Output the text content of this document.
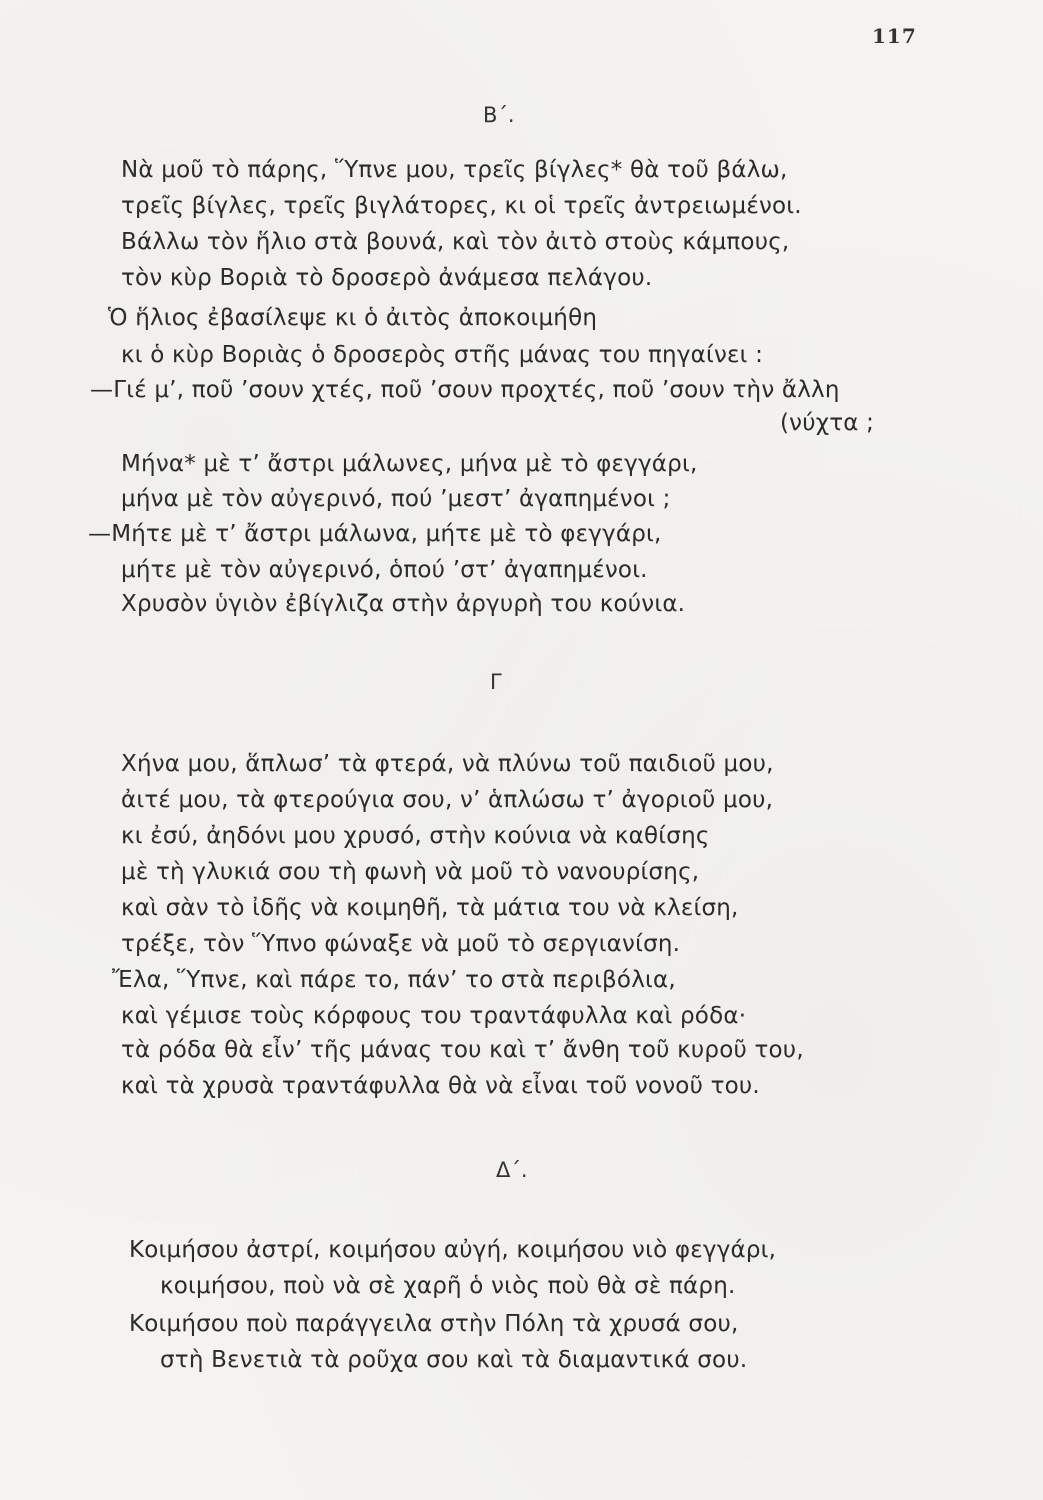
117
Β΄.
Νὰ μοῦ τὸ πάρης, Ὕπνε μου, τρεῖς βίγλες* θὰ τοῦ βάλω,
τρεῖς βίγλες, τρεῖς βιγλάτορες, κι οἱ τρεῖς ἀντρειωμένοι.
Βάλλω τὸν ἥλιο στὰ βουνά, καὶ τὸν ἀιτὸ στοὺς κάμπους,
τὸν κὺρ Βοριὰ τὸ δροσερὸ ἀνάμεσα πελάγου.
Ὁ ἥλιος ἐβασίλεψε κι ὁ ἀιτὸς ἀποκοιμήθη
κι ὁ κὺρ Βοριὰς ὁ δροσερὸς στῆς μάνας του πηγαίνει :
—Γιέ μ’, ποῦ ’σουν χτές, ποῦ ’σουν προχτές, ποῦ ’σουν τὴν ἄλλη
(νύχτα ;
Μήνα* μὲ τ’ ἄστρι μάλωνες, μήνα μὲ τὸ φεγγάρι,
μήνα μὲ τὸν αὐγερινό, πού ’μεστ’ ἀγαπημένοι ;
—Μήτε μὲ τ’ ἄστρι μάλωνα, μήτε μὲ τὸ φεγγάρι,
μήτε μὲ τὸν αὐγερινό, ὁπού ’στ’ ἀγαπημένοι.
Χρυσὸν ὑγιὸν ἐβίγλιζα στὴν ἀργυρὴ του κούνια.
Γ
Χήνα μου, ἅπλωσ’ τὰ φτερά, νὰ πλύνω τοῦ παιδιοῦ μου,
ἀιτέ μου, τὰ φτερούγια σου, ν’ ἁπλώσω τ’ ἀγοριοῦ μου,
κι ἐσύ, ἀηδόνι μου χρυσό, στὴν κούνια νὰ καθίσης
μὲ τὴ γλυκιά σου τὴ φωνὴ νὰ μοῦ τὸ νανουρίσης,
καὶ σὰν τὸ ἰδῆς νὰ κοιμηθῆ, τὰ μάτια του νὰ κλείση,
τρέξε, τὸν Ὕπνο φώναξε νὰ μοῦ τὸ σεργιανίση.
Ἔλα, Ὕπνε, καὶ πάρε το, πάν’ το στὰ περιβόλια,
καὶ γέμισε τοὺς κόρφους του τραντάφυλλα καὶ ρόδα·
τὰ ρόδα θὰ εἶν’ τῆς μάνας του καὶ τ’ ἄνθη τοῦ κυροῦ του,
καὶ τὰ χρυσὰ τραντάφυλλα θὰ νὰ εἶναι τοῦ νονοῦ του.
Δ΄.
Κοιμήσου ἀστρί, κοιμήσου αὐγή, κοιμήσου νιὸ φεγγάρι,
κοιμήσου, ποὺ νὰ σὲ χαρῆ ὁ νιὸς ποὺ θὰ σὲ πάρη.
Κοιμήσου ποὺ παράγγειλα στὴν Πόλη τὰ χρυσά σου,
στὴ Βενετιὰ τὰ ροῦχα σου καὶ τὰ διαμαντικά σου.
